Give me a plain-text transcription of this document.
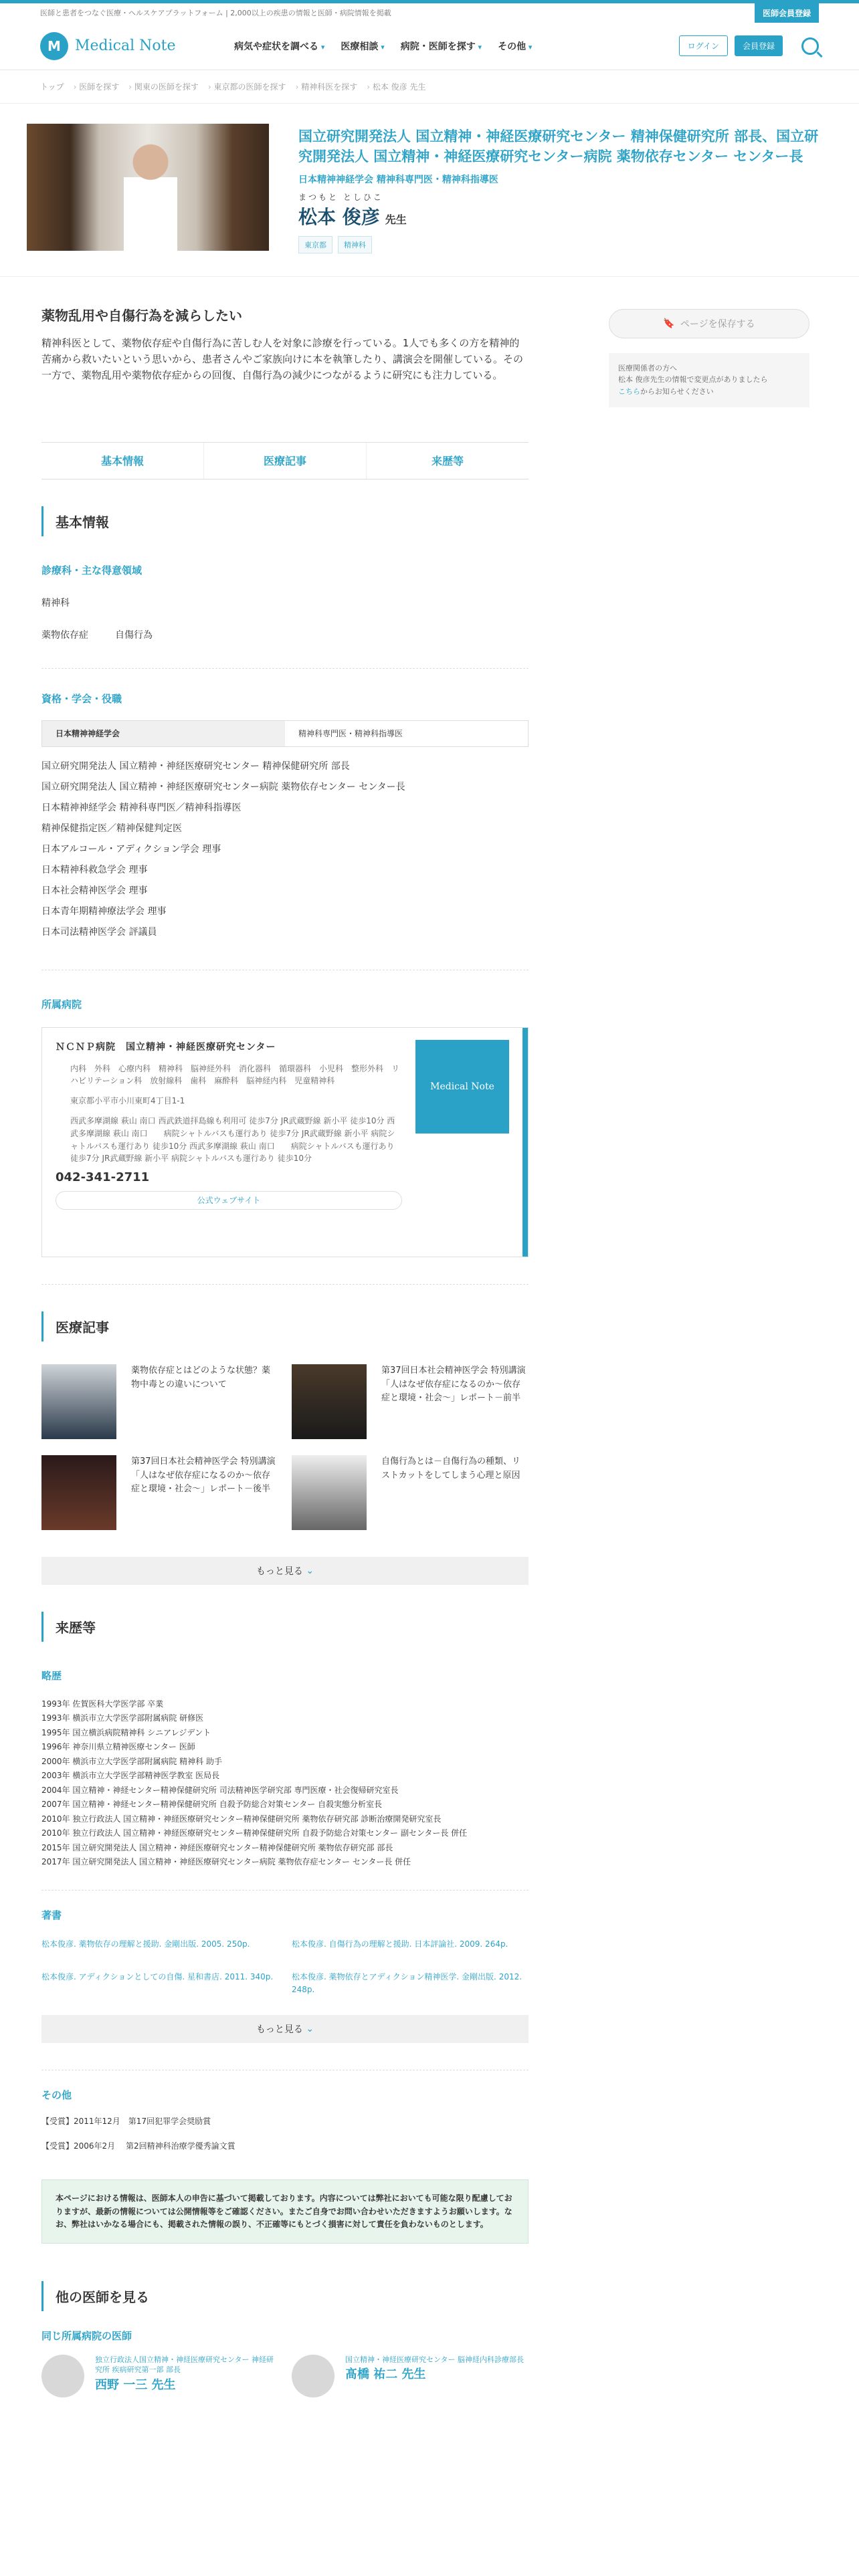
医師と患者をつなぐ医療・ヘルスケアプラットフォーム | 2,000以上の疾患の情報と医師・病院情報を掲載	医師会員登録
M Medical Note	病気や症状を調べる ▾	医療相談 ▾	病院・医師を探す ▾	その他 ▾	ログイン	会員登録
トップ	› 医師を探す	› 関東の医師を探す	› 東京都の医師を探す	› 精神科医を探す	› 松本 俊彦 先生
国立研究開発法人 国立精神・神経医療研究センター 精神保健研究所 部長、国立研究開発法人 国立精神・神経医療研究センター病院 薬物依存センター センター長
日本精神神経学会 精神科専門医・精神科指導医
まつもと としひこ
松本 俊彦 先生
東京都	精神科
薬物乱用や自傷行為を減らしたい
精神科医として、薬物依存症や自傷行為に苦しむ人を対象に診療を行っている。1人でも多くの方を精神的苦痛から救いたいという思いから、患者さんやご家族向けに本を執筆したり、講演会を開催している。その一方で、薬物乱用や薬物依存症からの回復、自傷行為の減少につながるように研究にも注力している。
基本情報	医療記事	来歴等
基本情報
診療科・主な得意領域
精神科
薬物依存症	自傷行為
資格・学会・役職
日本精神神経学会	精神科専門医・精神科指導医
国立研究開発法人 国立精神・神経医療研究センター 精神保健研究所 部長
国立研究開発法人 国立精神・神経医療研究センター病院 薬物依存センター センター長
日本精神神経学会 精神科専門医／精神科指導医
精神保健指定医／精神保健判定医
日本アルコール・アディクション学会 理事
日本精神科救急学会 理事
日本社会精神医学会 理事
日本青年期精神療法学会 理事
日本司法精神医学会 評議員
所属病院
ＮＣＮＰ病院　国立精神・神経医療研究センター
内科　外科　心療内科　精神科　脳神経外科　消化器科　循環器科　小児科　整形外科　リハビリテーション科　放射線科　歯科　麻酔科　脳神経内科　児童精神科
東京都小平市小川東町4丁目1-1
西武多摩湖線 萩山 南口 西武鉄道拝島線も利用可 徒歩7分 JR武蔵野線 新小平 徒歩10分 西武多摩湖線 萩山 南口　　病院シャトルバスも運行あり 徒歩7分 JR武蔵野線 新小平 病院シャトルバスも運行あり 徒歩10分 西武多摩湖線 萩山 南口　　病院シャトルバスも運行あり 徒歩7分 JR武蔵野線 新小平 病院シャトルバスも運行あり 徒歩10分
042-341-2711
公式ウェブサイト
Medical Note
医療記事

薬物依存症とはどのような状態？薬物中毒との違いについて

第37回日本社会精神医学会 特別講演「人はなぜ依存症になるのか～依存症と環境・社会～」レポート－前半

第37回日本社会精神医学会 特別講演「人はなぜ依存症になるのか～依存症と環境・社会～」レポート－後半

自傷行為とは－自傷行為の種類、リストカットをしてしまう心理と原因

もっと見る
⌄
来歴等
略歴
1993年 佐賀医科大学医学部 卒業
1993年 横浜市立大学医学部附属病院 研修医
1995年 国立横浜病院精神科 シニアレジデント
1996年 神奈川県立精神医療センター 医師
2000年 横浜市立大学医学部附属病院 精神科 助手
2003年 横浜市立大学医学部精神医学教室 医局長
2004年 国立精神・神経センター精神保健研究所 司法精神医学研究部 専門医療・社会復帰研究室長
2007年 国立精神・神経センター精神保健研究所 自殺予防総合対策センター 自殺実態分析室長
2010年 独立行政法人 国立精神・神経医療研究センター精神保健研究所 薬物依存研究部 診断治療開発研究室長
2010年 独立行政法人 国立精神・神経医療研究センター精神保健研究所 自殺予防総合対策センター 副センター長 併任
2015年 国立研究開発法人 国立精神・神経医療研究センター精神保健研究所 薬物依存研究部 部長
2017年 国立研究開発法人 国立精神・神経医療研究センター病院 薬物依存症センター センター長 併任
著書
松本俊彦. 薬物依存の理解と援助. 金剛出版. 2005. 250p.	松本俊彦. 自傷行為の理解と援助. 日本評論社. 2009. 264p.
松本俊彦. アディクションとしての自傷. 星和書店. 2011. 340p.	松本俊彦. 薬物依存とアディクション精神医学. 金剛出版. 2012. 248p.
もっと見る
⌄
その他
【受賞】2011年12月　第17回犯罪学会奨励賞
【受賞】2006年2月　 第2回精神科治療学優秀論文賞
本ページにおける情報は、医師本人の申告に基づいて掲載しております。内容については弊社においても可能な限り配慮しておりますが、最新の情報については公開情報等をご確認ください。またご自身でお問い合わせいただきますようお願いします。なお、弊社はいかなる場合にも、掲載された情報の誤り、不正確等にもとづく損害に対して責任を負わないものとします。
他の医師を見る
同じ所属病院の医師
独立行政法人国立精神・神経医療研究センター 神経研究所 疾病研究第一部 部長
西野 一三 先生
国立精神・神経医療研究センター 脳神経内科診療部長
髙橋 祐二 先生
🔖 ページを保存する
医療関係者の方へ
松本 俊彦先生の情報で変更点がありましたら
こちらからお知らせください
